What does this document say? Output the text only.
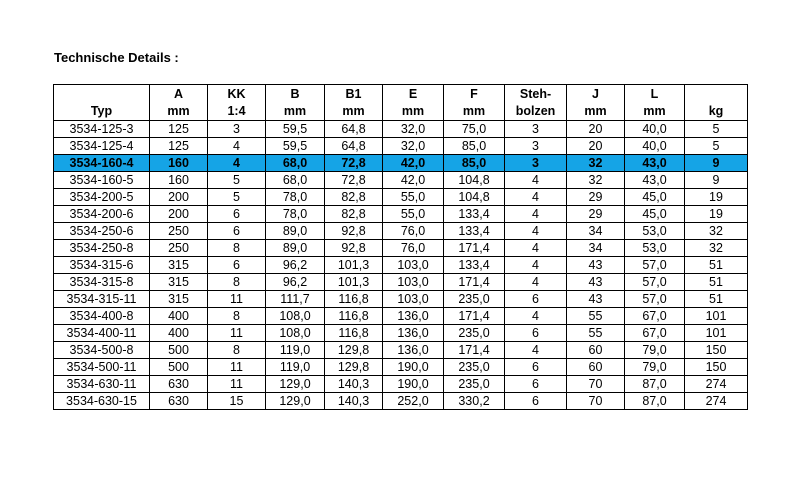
Technische Details :
	A	KK	B	B1	E	F	Steh-	J	L	
Typ	mm	1:4	mm	mm	mm	mm	bolzen	mm	mm	kg
3534-125-3	125	3	59,5	64,8	32,0	75,0	3	20	40,0	5
3534-125-4	125	4	59,5	64,8	32,0	85,0	3	20	40,0	5
3534-160-4	160	4	68,0	72,8	42,0	85,0	3	32	43,0	9
3534-160-5	160	5	68,0	72,8	42,0	104,8	4	32	43,0	9
3534-200-5	200	5	78,0	82,8	55,0	104,8	4	29	45,0	19
3534-200-6	200	6	78,0	82,8	55,0	133,4	4	29	45,0	19
3534-250-6	250	6	89,0	92,8	76,0	133,4	4	34	53,0	32
3534-250-8	250	8	89,0	92,8	76,0	171,4	4	34	53,0	32
3534-315-6	315	6	96,2	101,3	103,0	133,4	4	43	57,0	51
3534-315-8	315	8	96,2	101,3	103,0	171,4	4	43	57,0	51
3534-315-11	315	11	111,7	116,8	103,0	235,0	6	43	57,0	51
3534-400-8	400	8	108,0	116,8	136,0	171,4	4	55	67,0	101
3534-400-11	400	11	108,0	116,8	136,0	235,0	6	55	67,0	101
3534-500-8	500	8	119,0	129,8	136,0	171,4	4	60	79,0	150
3534-500-11	500	11	119,0	129,8	190,0	235,0	6	60	79,0	150
3534-630-11	630	11	129,0	140,3	190,0	235,0	6	70	87,0	274
3534-630-15	630	15	129,0	140,3	252,0	330,2	6	70	87,0	274
